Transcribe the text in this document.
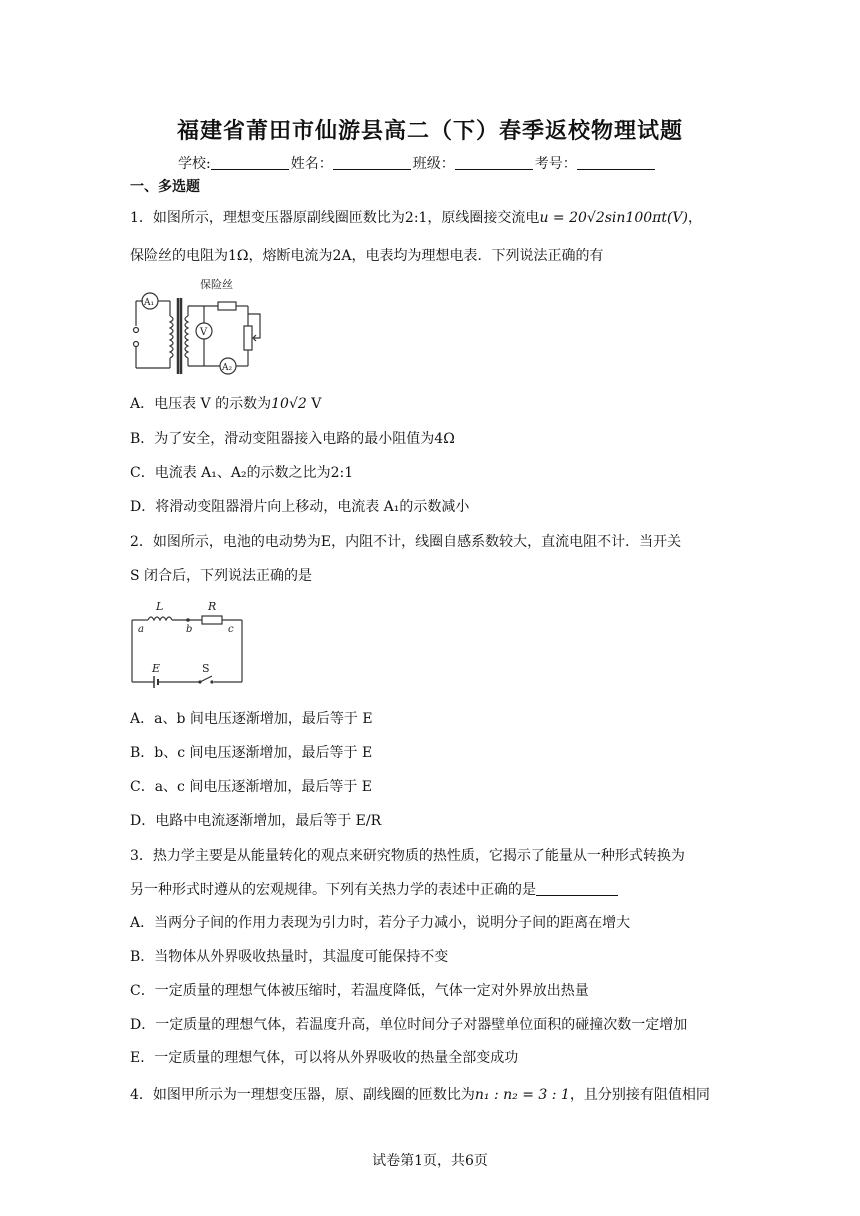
福建省莆田市仙游县高二（下）春季返校物理试题
学校:	姓名：	班级：	考号：
一、多选题
1．如图所示，理想变压器原副线圈匝数比为2:1，原线圈接交流电u = 20√2sin100πt(V)，
保险丝的电阻为1Ω，熔断电流为2A，电表均为理想电表．下列说法正确的有
保险丝
A₁
V
A₂
A．电压表 V 的示数为10√2 V
B．为了安全，滑动变阻器接入电路的最小阻值为4Ω
C．电流表 A₁、A₂的示数之比为2:1
D．将滑动变阻器滑片向上移动，电流表 A₁的示数减小
2．如图所示，电池的电动势为E，内阻不计，线圈自感系数较大，直流电阻不计．当开关
S 闭合后，下列说法正确的是
L	R
a	b	c
E	S
A．a、b 间电压逐渐增加，最后等于 E
B．b、c 间电压逐渐增加，最后等于 E
C．a、c 间电压逐渐增加，最后等于 E
D．电路中电流逐渐增加，最后等于 E/R
3．热力学主要是从能量转化的观点来研究物质的热性质，它揭示了能量从一种形式转换为
另一种形式时遵从的宏观规律。下列有关热力学的表述中正确的是
A．当两分子间的作用力表现为引力时，若分子力减小，说明分子间的距离在增大
B．当物体从外界吸收热量时，其温度可能保持不变
C．一定质量的理想气体被压缩时，若温度降低，气体一定对外界放出热量
D．一定质量的理想气体，若温度升高，单位时间分子对器壁单位面积的碰撞次数一定增加
E．一定质量的理想气体，可以将从外界吸收的热量全部变成功
4．如图甲所示为一理想变压器，原、副线圈的匝数比为n₁ : n₂ = 3 : 1，且分别接有阻值相同
试卷第1页，共6页
